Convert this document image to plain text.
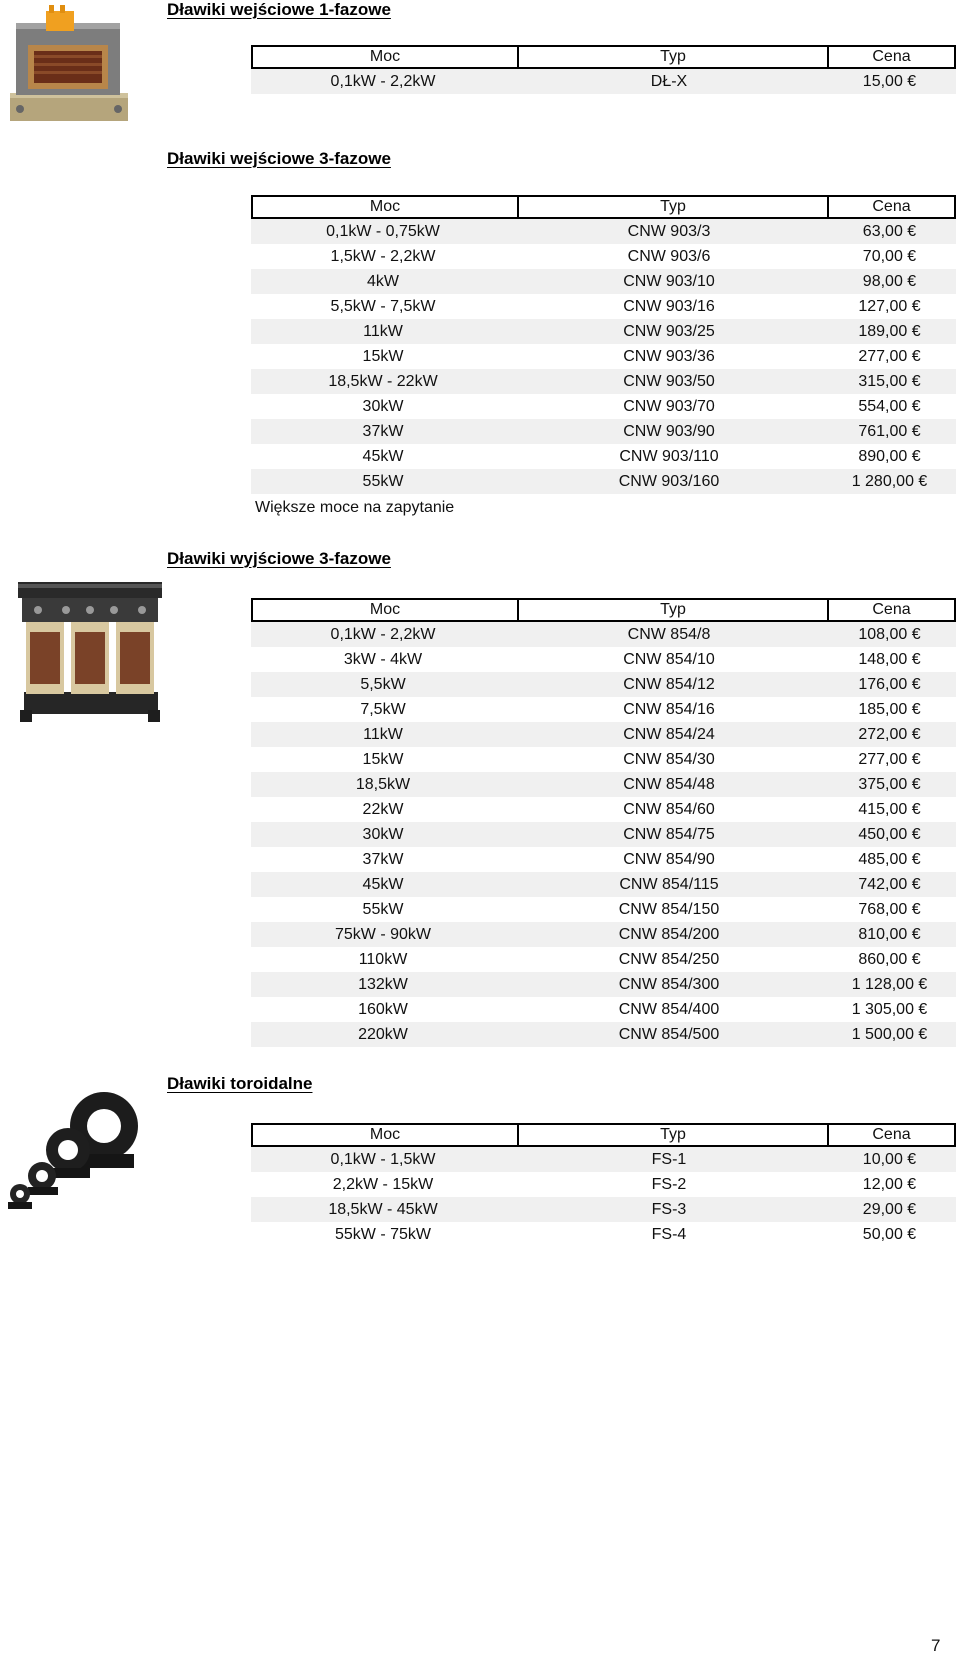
Dławiki wejściowe 1-fazowe
Moc	Typ	Cena
0,1kW - 2,2kW	DŁ-X	15,00 €
Dławiki wejściowe 3-fazowe
Moc	Typ	Cena
0,1kW - 0,75kW	CNW 903/3	63,00 €
1,5kW - 2,2kW	CNW 903/6	70,00 €
4kW	CNW 903/10	98,00 €
5,5kW - 7,5kW	CNW 903/16	127,00 €
11kW	CNW 903/25	189,00 €
15kW	CNW 903/36	277,00 €
18,5kW - 22kW	CNW 903/50	315,00 €
30kW	CNW 903/70	554,00 €
37kW	CNW 903/90	761,00 €
45kW	CNW 903/110	890,00 €
55kW	CNW 903/160	1 280,00 €
Większe moce na zapytanie
Dławiki wyjściowe 3-fazowe
Moc	Typ	Cena
0,1kW - 2,2kW	CNW 854/8	108,00 €
3kW - 4kW	CNW 854/10	148,00 €
5,5kW	CNW 854/12	176,00 €
7,5kW	CNW 854/16	185,00 €
11kW	CNW 854/24	272,00 €
15kW	CNW 854/30	277,00 €
18,5kW	CNW 854/48	375,00 €
22kW	CNW 854/60	415,00 €
30kW	CNW 854/75	450,00 €
37kW	CNW 854/90	485,00 €
45kW	CNW 854/115	742,00 €
55kW	CNW 854/150	768,00 €
75kW - 90kW	CNW 854/200	810,00 €
110kW	CNW 854/250	860,00 €
132kW	CNW 854/300	1 128,00 €
160kW	CNW 854/400	1 305,00 €
220kW	CNW 854/500	1 500,00 €
Dławiki toroidalne
Moc	Typ	Cena
0,1kW - 1,5kW	FS-1	10,00 €
2,2kW - 15kW	FS-2	12,00 €
18,5kW - 45kW	FS-3	29,00 €
55kW - 75kW	FS-4	50,00 €
7
